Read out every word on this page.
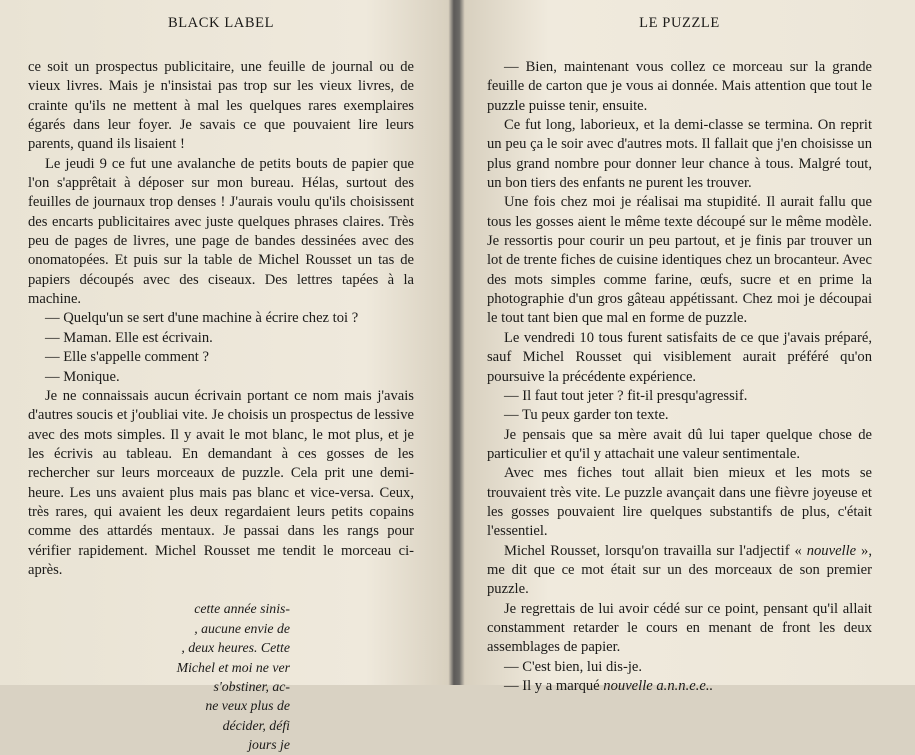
BLACK LABEL

ce soit un prospectus publicitaire, une feuille de journal ou de vieux livres. Mais je n'insistai pas trop sur les vieux livres, de crainte qu'ils ne mettent à mal les quelques rares exemplaires égarés dans leur foyer. Je savais ce que pouvaient lire leurs parents, quand ils lisaient !

Le jeudi 9 ce fut une avalanche de petits bouts de papier que l'on s'apprêtait à déposer sur mon bureau. Hélas, surtout des feuilles de journaux trop denses ! J'aurais voulu qu'ils choisissent des encarts publicitaires avec juste quelques phrases claires. Très peu de pages de livres, une page de bandes dessinées avec des onomatopées. Et puis sur la table de Michel Rousset un tas de papiers découpés avec des ciseaux. Des lettres tapées à la machine.

— Quelqu'un se sert d'une machine à écrire chez toi ?

— Maman. Elle est écrivain.

— Elle s'appelle comment ?

— Monique.

Je ne connaissais aucun écrivain portant ce nom mais j'avais d'autres soucis et j'oubliai vite. Je choisis un prospectus de lessive avec des mots simples. Il y avait le mot blanc, le mot plus, et je les écrivis au tableau. En demandant à ces gosses de les rechercher sur leurs morceaux de puzzle. Cela prit une demi-heure. Les uns avaient plus mais pas blanc et vice-versa. Ceux, très rares, qui avaient les deux regardaient leurs petits copains comme des attardés mentaux. Je passai dans les rangs pour vérifier rapidement. Michel Rousset me tendit le morceau ci-après.

cette année sinis-
, aucune envie de
, deux heures. Cette
Michel et moi ne ver
s'obstiner, ac-
ne veux plus de
décider, défi
jours je
LE PUZZLE

— Bien, maintenant vous collez ce morceau sur la grande feuille de carton que je vous ai donnée. Mais attention que tout le puzzle puisse tenir, ensuite.

Ce fut long, laborieux, et la demi-classe se termina. On reprit un peu ça le soir avec d'autres mots. Il fallait que j'en choisisse un plus grand nombre pour donner leur chance à tous. Malgré tout, un bon tiers des enfants ne purent les trouver.

Une fois chez moi je réalisai ma stupidité. Il aurait fallu que tous les gosses aient le même texte découpé sur le même modèle. Je ressortis pour courir un peu partout, et je finis par trouver un lot de trente fiches de cuisine identiques chez un brocanteur. Avec des mots simples comme farine, œufs, sucre et en prime la photographie d'un gros gâteau appétissant. Chez moi je découpai le tout tant bien que mal en forme de puzzle.

Le vendredi 10 tous furent satisfaits de ce que j'avais préparé, sauf Michel Rousset qui visiblement aurait préféré qu'on poursuive la précédente expérience.

— Il faut tout jeter ? fit-il presqu'agressif.

— Tu peux garder ton texte.

Je pensais que sa mère avait dû lui taper quelque chose de particulier et qu'il y attachait une valeur sentimentale.

Avec mes fiches tout allait bien mieux et les mots se trouvaient très vite. Le puzzle avançait dans une fièvre joyeuse et les gosses pouvaient lire quelques substantifs de plus, c'était l'essentiel.

Michel Rousset, lorsqu'on travailla sur l'adjectif « nouvelle », me dit que ce mot était sur un des morceaux de son premier puzzle.

Je regrettais de lui avoir cédé sur ce point, pensant qu'il allait constamment retarder le cours en menant de front les deux assemblages de papier.

— C'est bien, lui dis-je.

— Il y a marqué nouvelle a.n.n.e.e..
